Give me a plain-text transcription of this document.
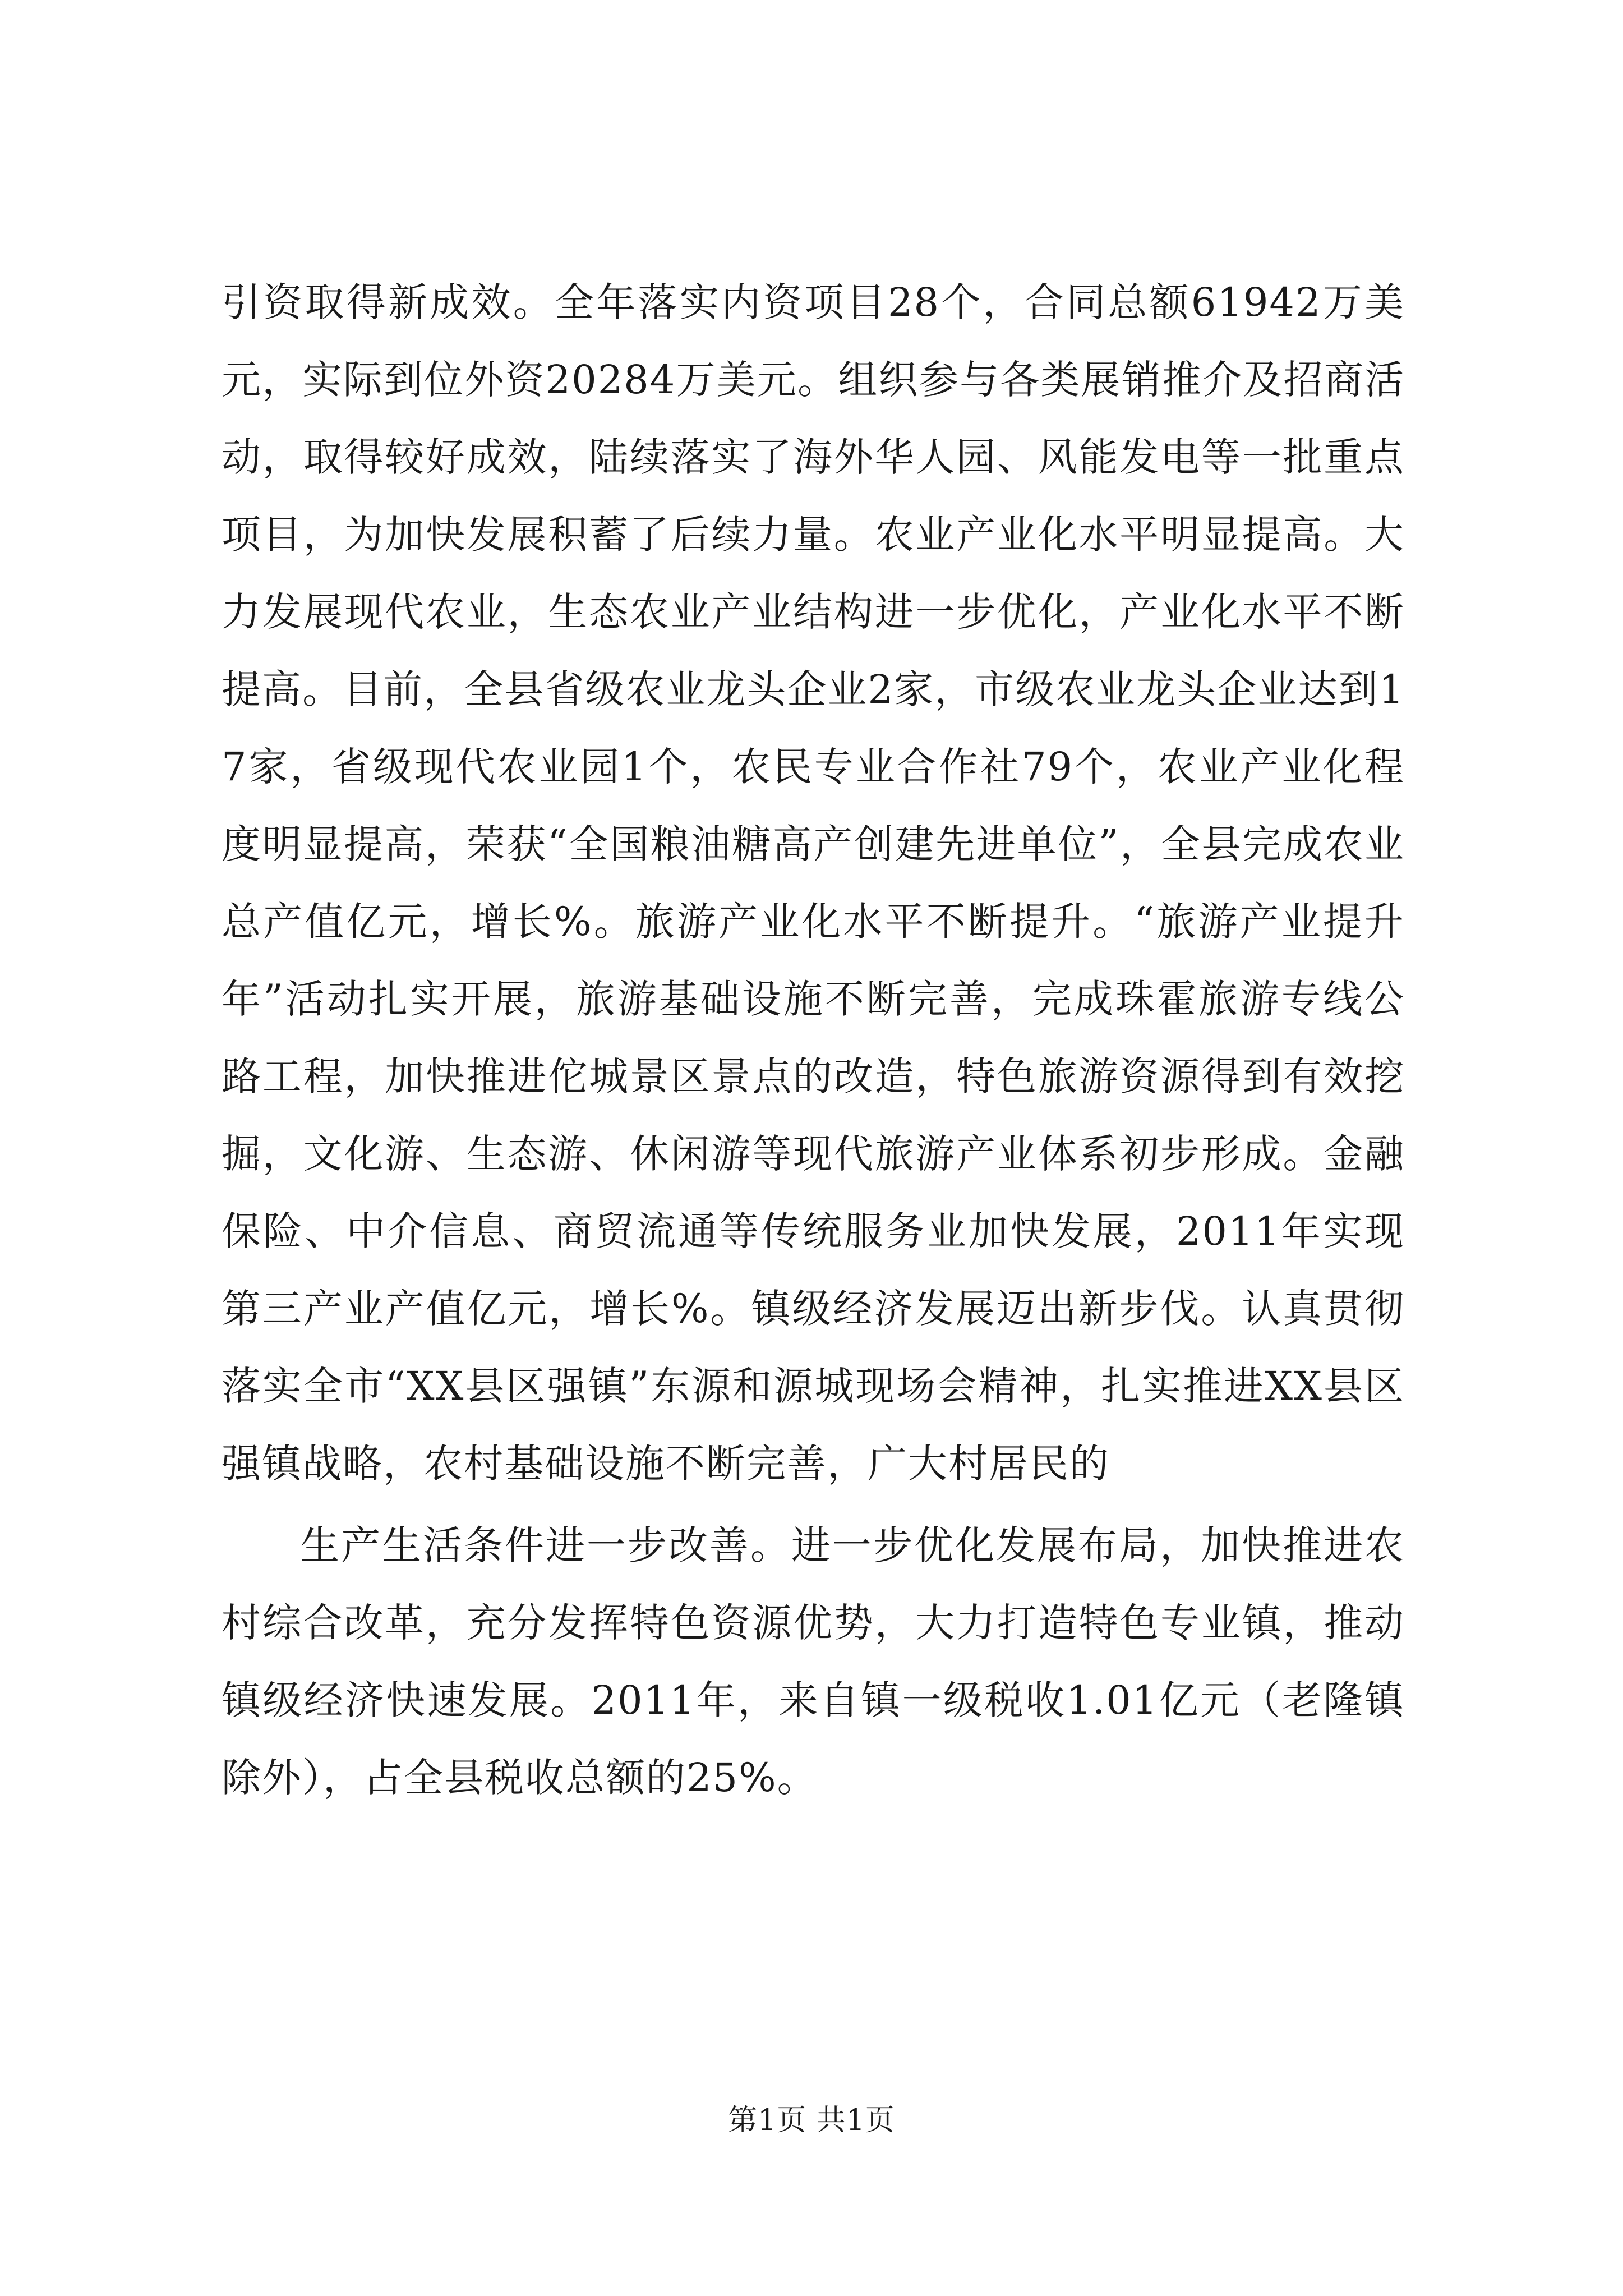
引资取得新成效。全年落实内资项目28个，合同总额61942万美元，实际到位外资20284万美元。组织参与各类展销推介及招商活动，取得较好成效，陆续落实了海外华人园、风能发电等一批重点项目，为加快发展积蓄了后续力量。农业产业化水平明显提高。大力发展现代农业，生态农业产业结构进一步优化，产业化水平不断提高。目前，全县省级农业龙头企业2家，市级农业龙头企业达到17家，省级现代农业园1个，农民专业合作社79个，农业产业化程度明显提高，荣获“全国粮油糖高产创建先进单位”，全县完成农业总产值亿元，增长%。旅游产业化水平不断提升。“旅游产业提升年”活动扎实开展，旅游基础设施不断完善，完成珠霍旅游专线公路工程，加快推进佗城景区景点的改造，特色旅游资源得到有效挖掘，文化游、生态游、休闲游等现代旅游产业体系初步形成。金融保险、中介信息、商贸流通等传统服务业加快发展，2011年实现第三产业产值亿元，增长%。镇级经济发展迈出新步伐。认真贯彻落实全市“XX县区强镇”东源和源城现场会精神，扎实推进XX县区强镇战略，农村基础设施不断完善，广大村居民的

生产生活条件进一步改善。进一步优化发展布局，加快推进农村综合改革，充分发挥特色资源优势，大力打造特色专业镇，推动镇级经济快速发展。2011年，来自镇一级税收1.01亿元（老隆镇除外），占全县税收总额的25%。

第1页 共1页
